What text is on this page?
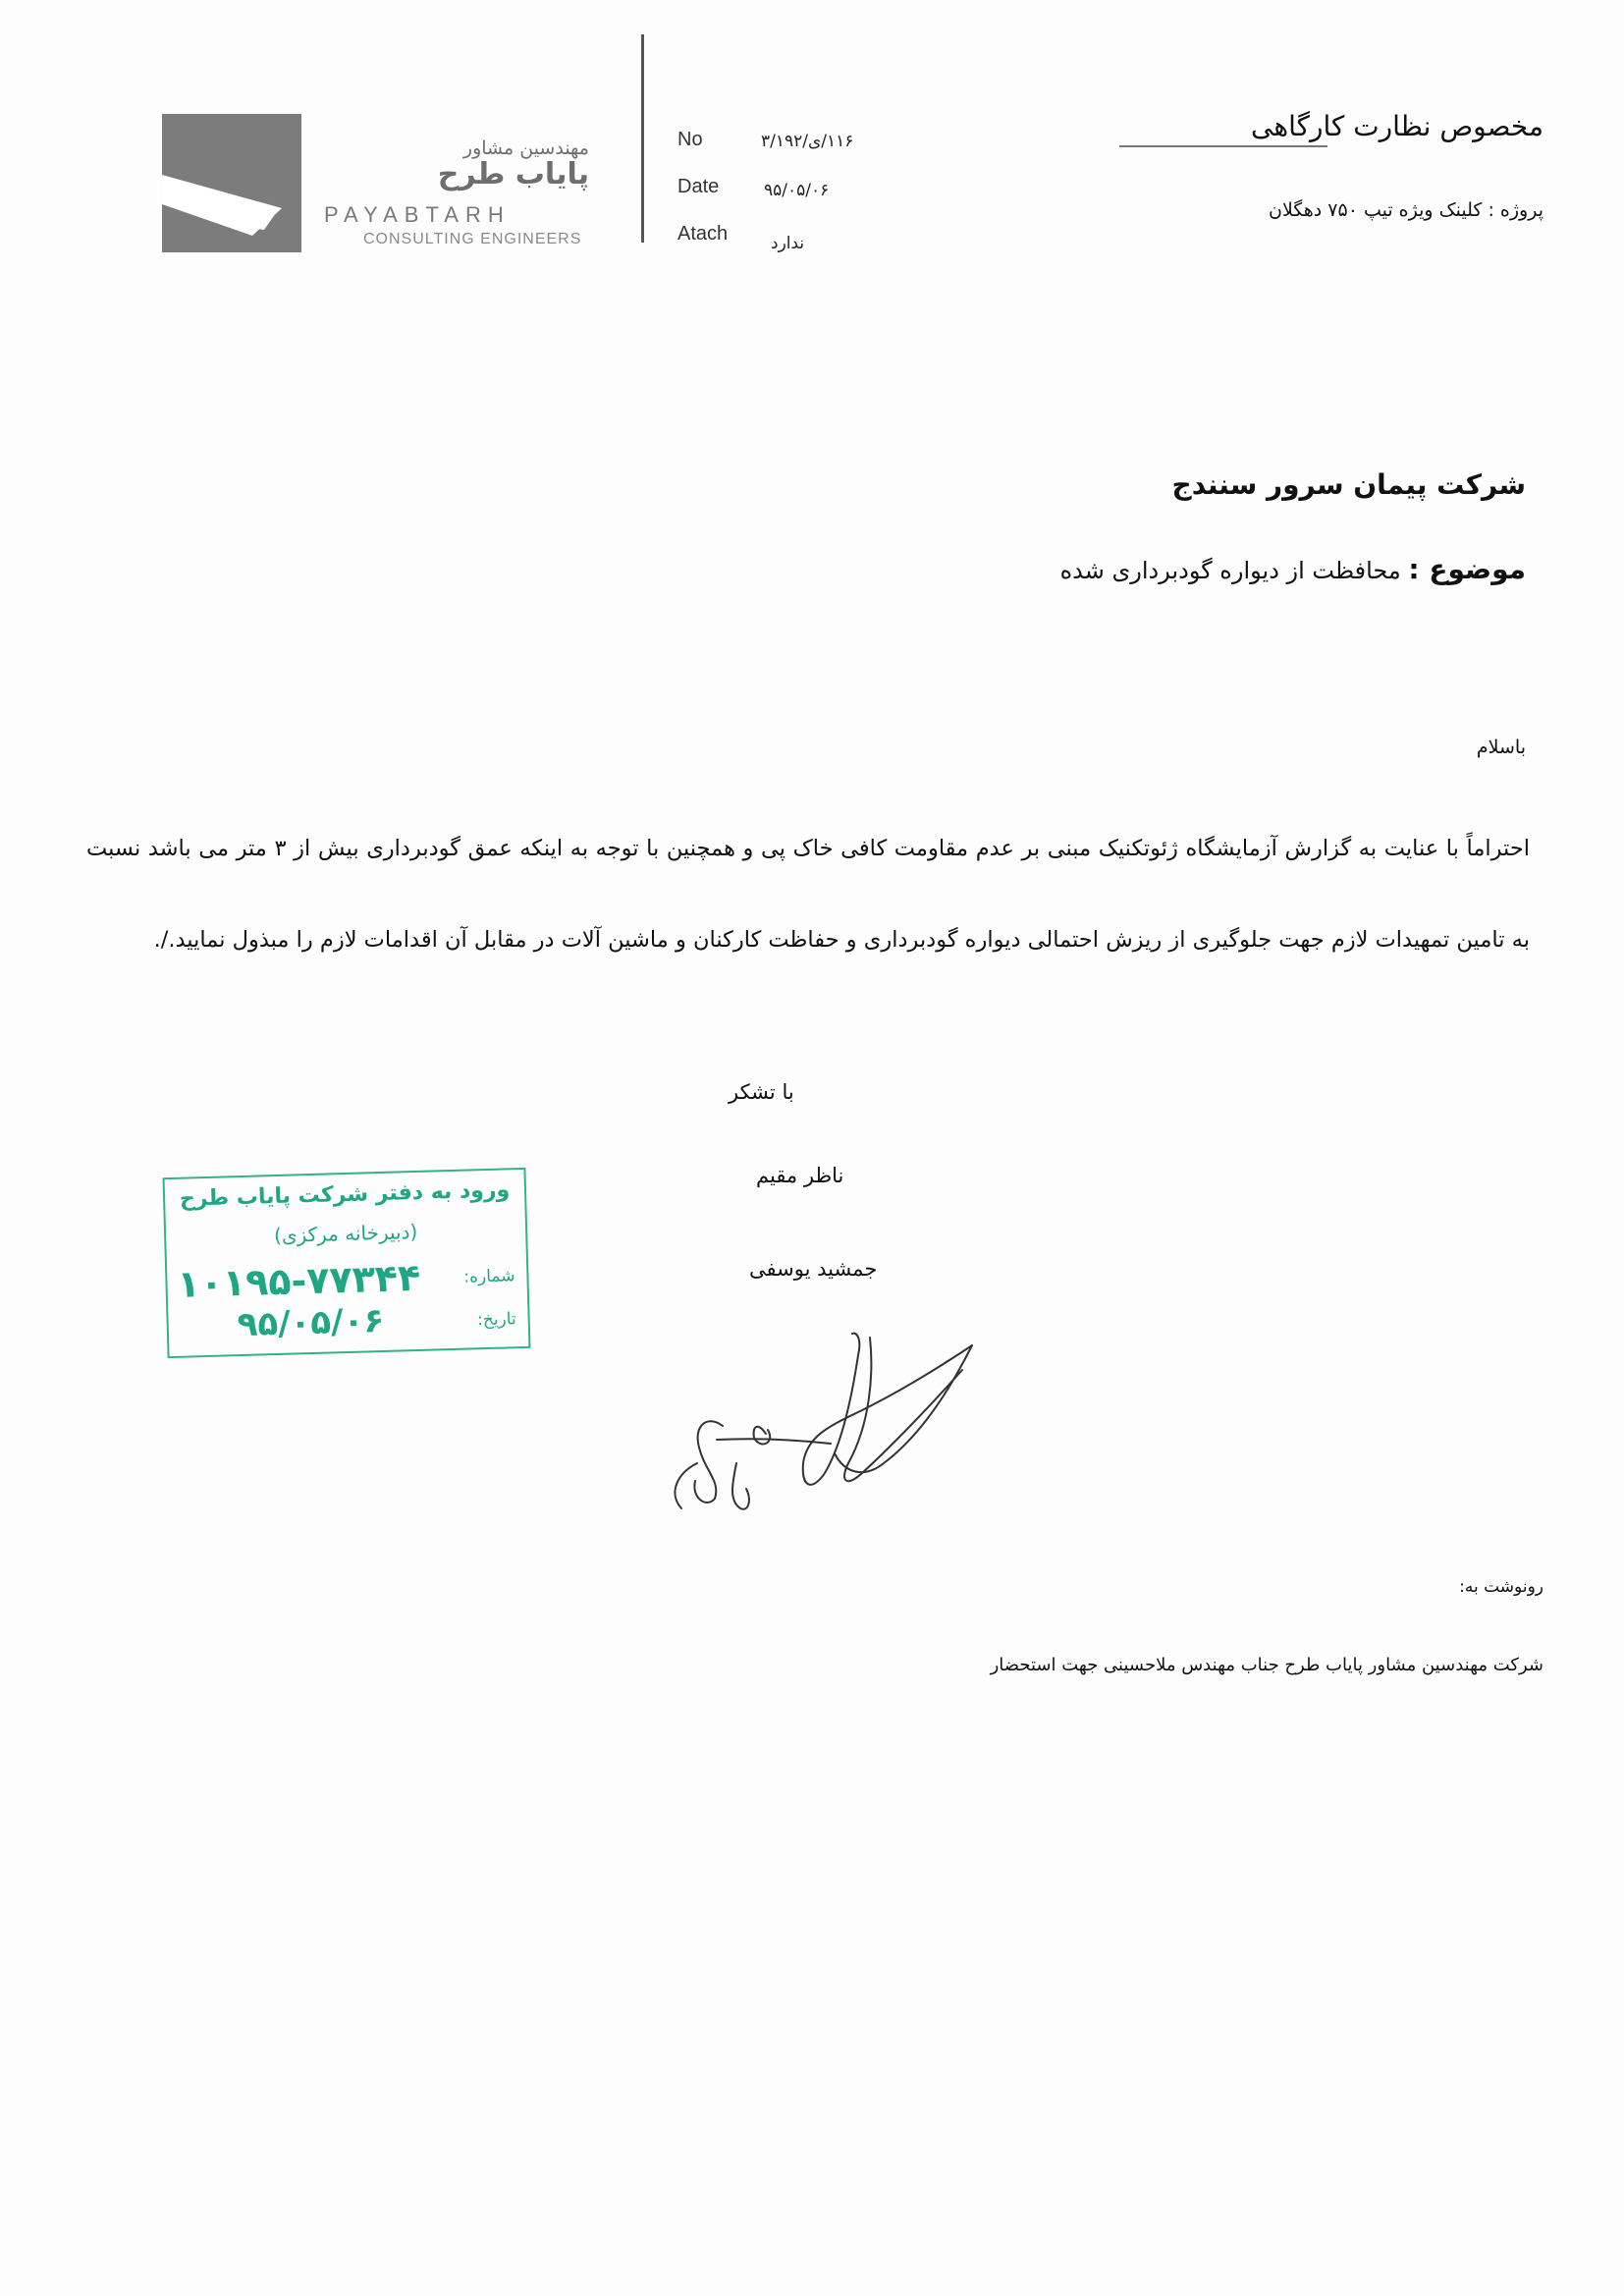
مهندسین مشاور
پایاب طرح
PAYABTARH
CONSULTING ENGINEERS
No
Date
Atach
۱۱۶/ی/۳/۱۹۲
۹۵/۰۵/۰۶
ندارد
مخصوص نظارت کارگاهی
پروژه : کلینک ویژه تیپ ۷۵۰ دهگلان
شرکت پیمان سرور سنندج
موضوع : محافظت از دیواره گودبرداری شده
باسلام
احتراماً با عنایت به گزارش آزمایشگاه ژئوتکنیک مبنی بر عدم مقاومت کافی خاک پی و همچنین با توجه به اینکه عمق گودبرداری بیش از ۳ متر می باشد نسبت به تامین تمهیدات لازم جهت جلوگیری از ریزش احتمالی دیواره گودبرداری و حفاظت کارکنان و ماشین آلات در مقابل آن اقدامات لازم را مبذول نمایید./.
با تشکر
ناظر مقیم
جمشید یوسفی
ورود به دفتر شرکت پایاب طرح
(دبیرخانه مرکزی)
شماره:
۱۰۱۹۵-۷۷۳۴۴
تاریخ:
۹۵/۰۵/۰۶
رونوشت به:
شرکت مهندسین مشاور پایاب طرح جناب مهندس ملاحسینی جهت استحضار
